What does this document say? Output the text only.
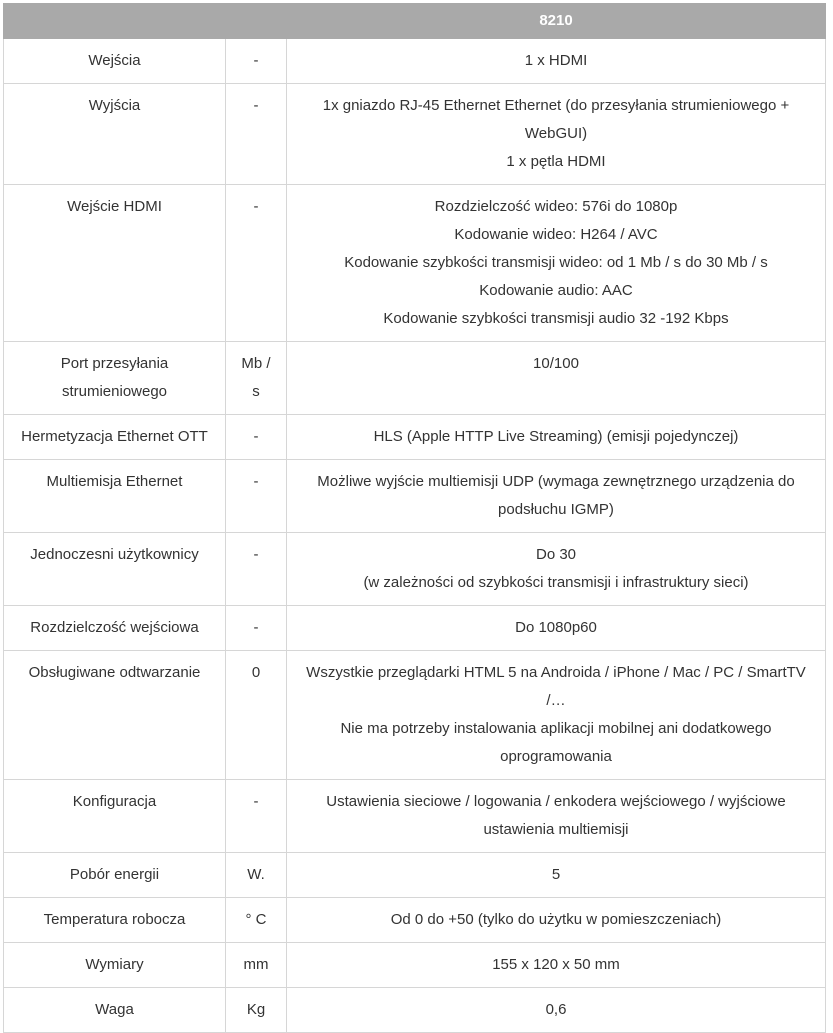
		8210

Wejścia	-	1 x HDMI

Wyjścia	-	1x gniazdo RJ-45 Ethernet Ethernet (do przesyłania strumieniowego + WebGUI)
1 x pętla HDMI

Wejście HDMI	-	Rozdzielczość wideo: 576i do 1080p
Kodowanie wideo: H264 / AVC
Kodowanie szybkości transmisji wideo: od 1 Mb / s do 30 Mb / s
Kodowanie audio: AAC
Kodowanie szybkości transmisji audio 32 -192 Kbps

Port przesyłania strumieniowego	Mb / s	10/100

Hermetyzacja Ethernet OTT	-	HLS (Apple HTTP Live Streaming) (emisji pojedynczej)

Multiemisja Ethernet	-	Możliwe wyjście multiemisji UDP (wymaga zewnętrznego urządzenia do podsłuchu IGMP)

Jednoczesni użytkownicy	-	Do 30
(w zależności od szybkości transmisji i infrastruktury sieci)

Rozdzielczość wejściowa	-	Do 1080p60

Obsługiwane odtwarzanie	0	Wszystkie przeglądarki HTML 5 na Androida / iPhone / Mac / PC / SmartTV /…
Nie ma potrzeby instalowania aplikacji mobilnej ani dodatkowego oprogramowania

Konfiguracja	-	Ustawienia sieciowe / logowania / enkodera wejściowego / wyjściowe ustawienia multiemisji

Pobór energii	W.	5

Temperatura robocza	° C	Od 0 do +50 (tylko do użytku w pomieszczeniach)

Wymiary	mm	155 x 120 x 50 mm

Waga	Kg	0,6
